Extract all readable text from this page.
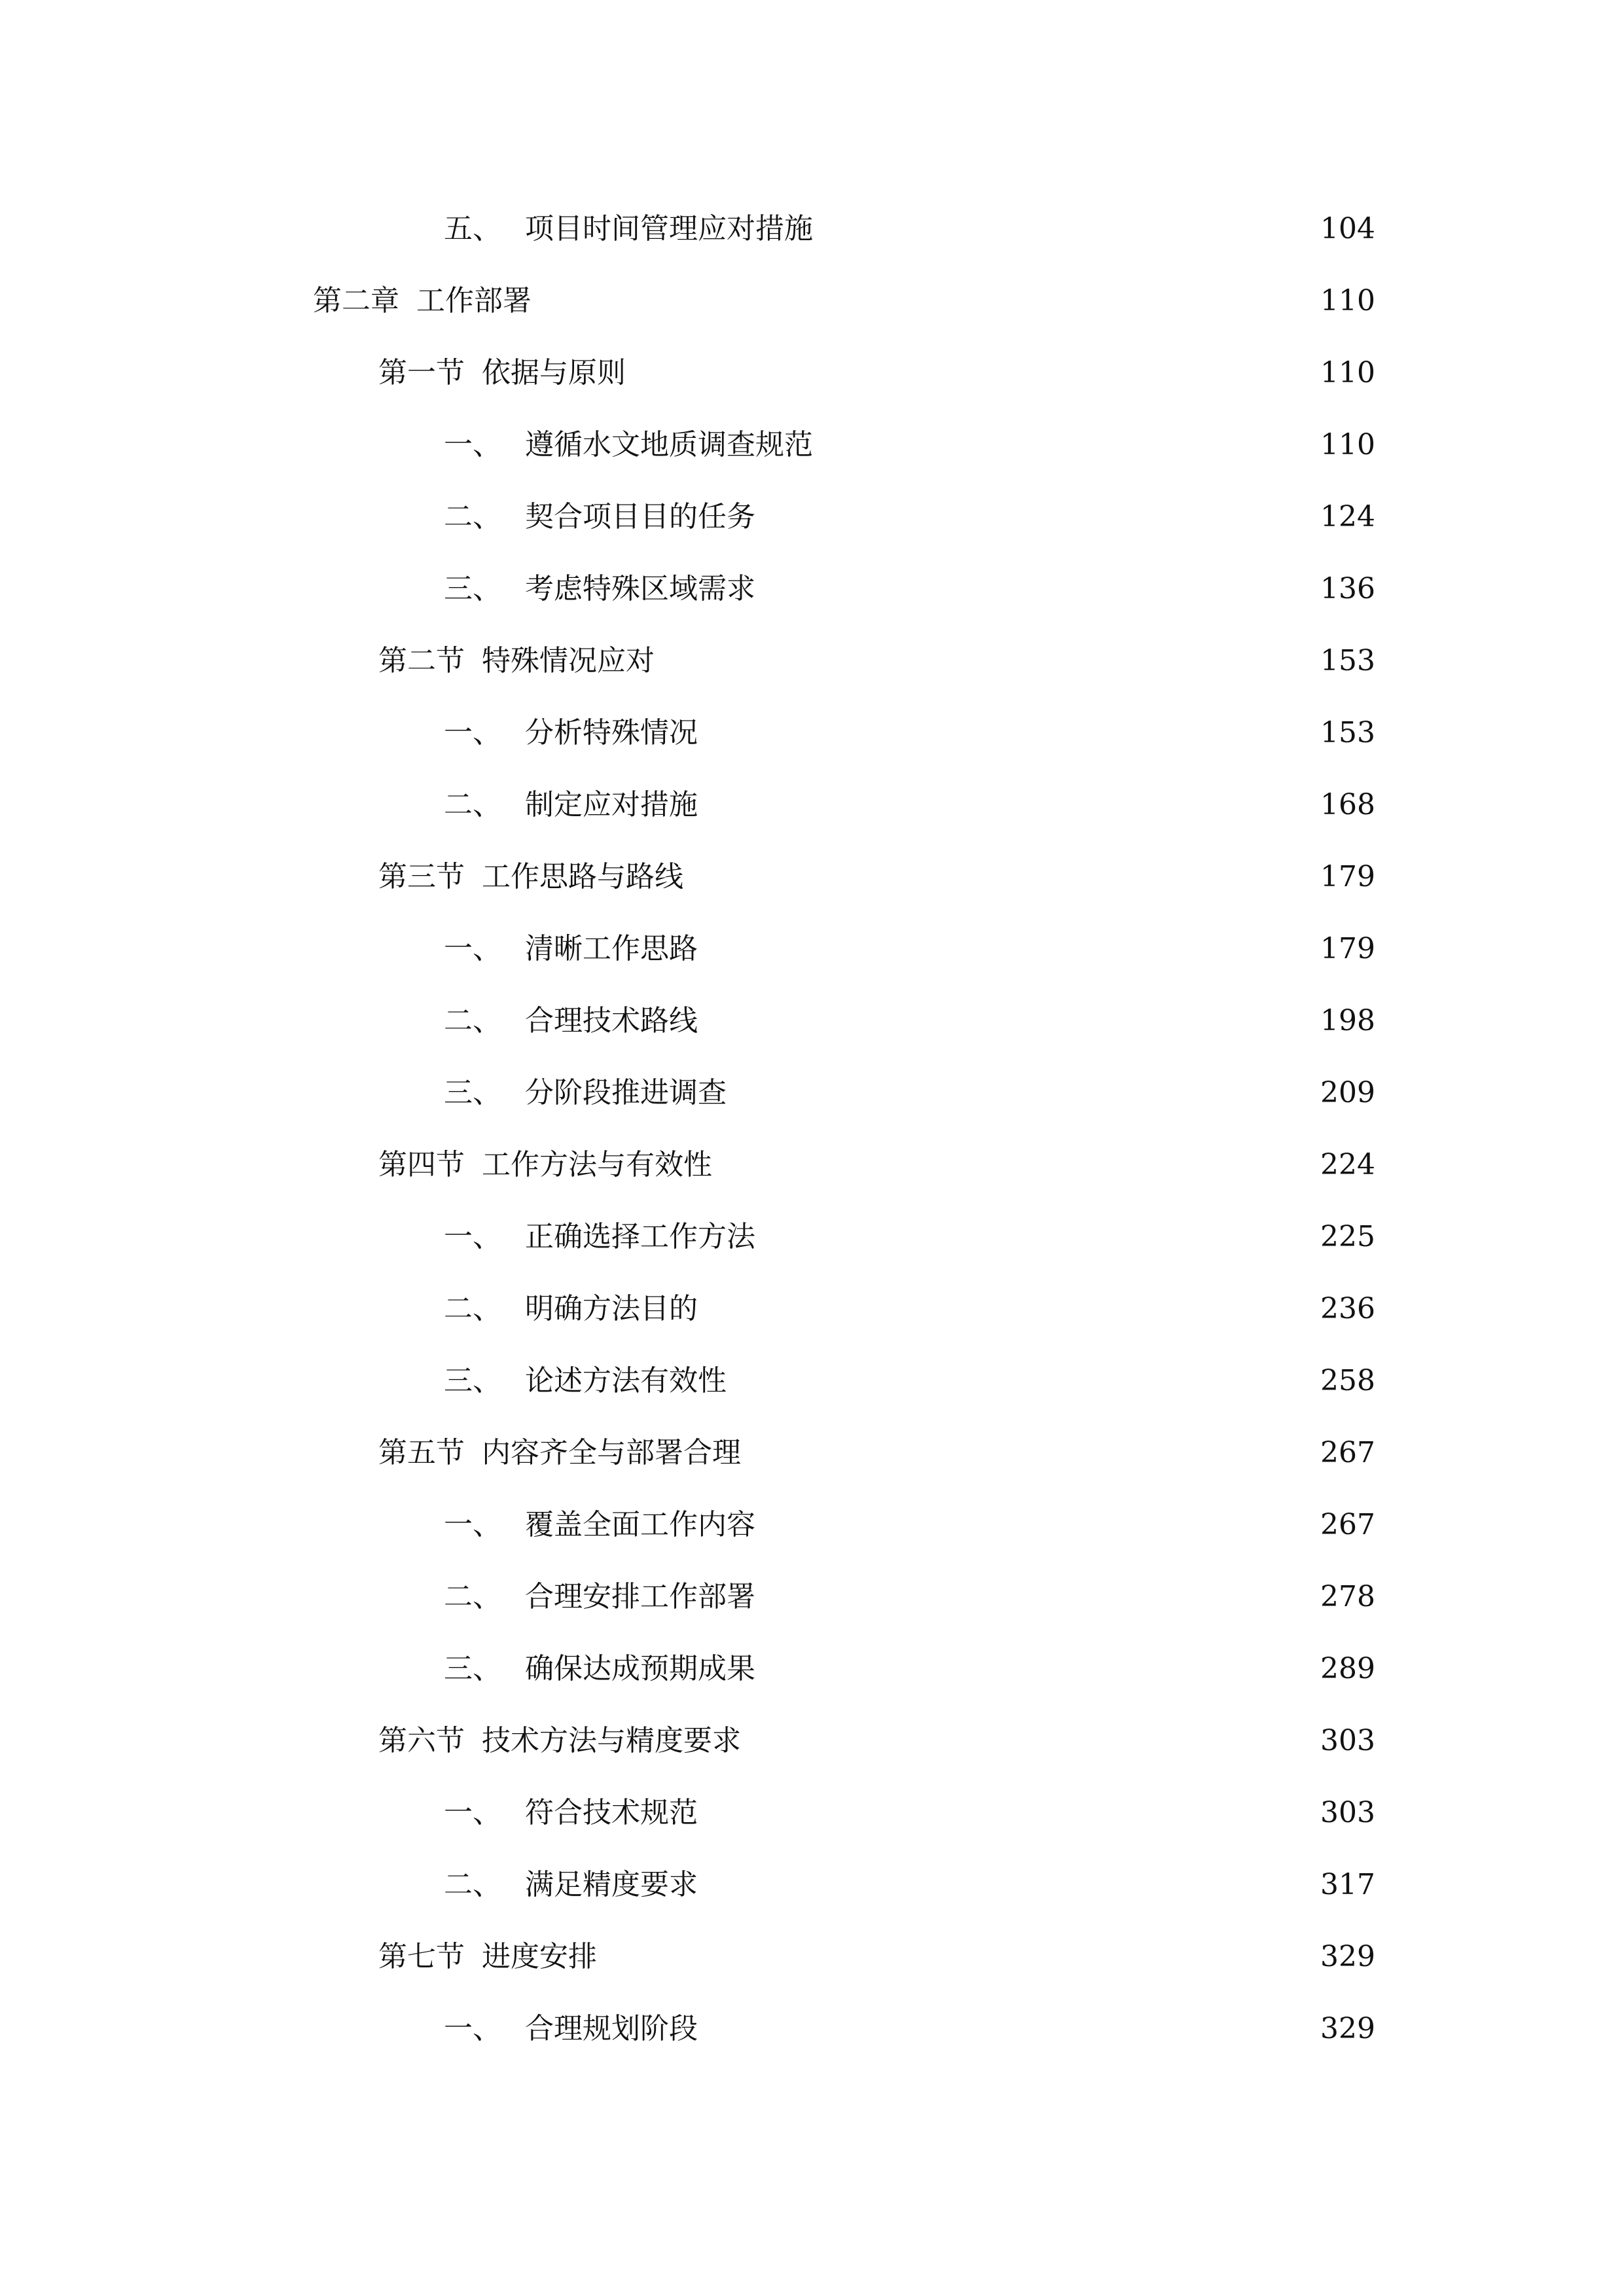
五、 项目时间管理应对措施	104
第二章 工作部署	110
第一节 依据与原则	110
一、 遵循水文地质调查规范	110
二、 契合项目目的任务	124
三、 考虑特殊区域需求	136
第二节 特殊情况应对	153
一、 分析特殊情况	153
二、 制定应对措施	168
第三节 工作思路与路线	179
一、 清晰工作思路	179
二、 合理技术路线	198
三、 分阶段推进调查	209
第四节 工作方法与有效性	224
一、 正确选择工作方法	225
二、 明确方法目的	236
三、 论述方法有效性	258
第五节 内容齐全与部署合理	267
一、 覆盖全面工作内容	267
二、 合理安排工作部署	278
三、 确保达成预期成果	289
第六节 技术方法与精度要求	303
一、 符合技术规范	303
二、 满足精度要求	317
第七节 进度安排	329
一、 合理规划阶段	329
